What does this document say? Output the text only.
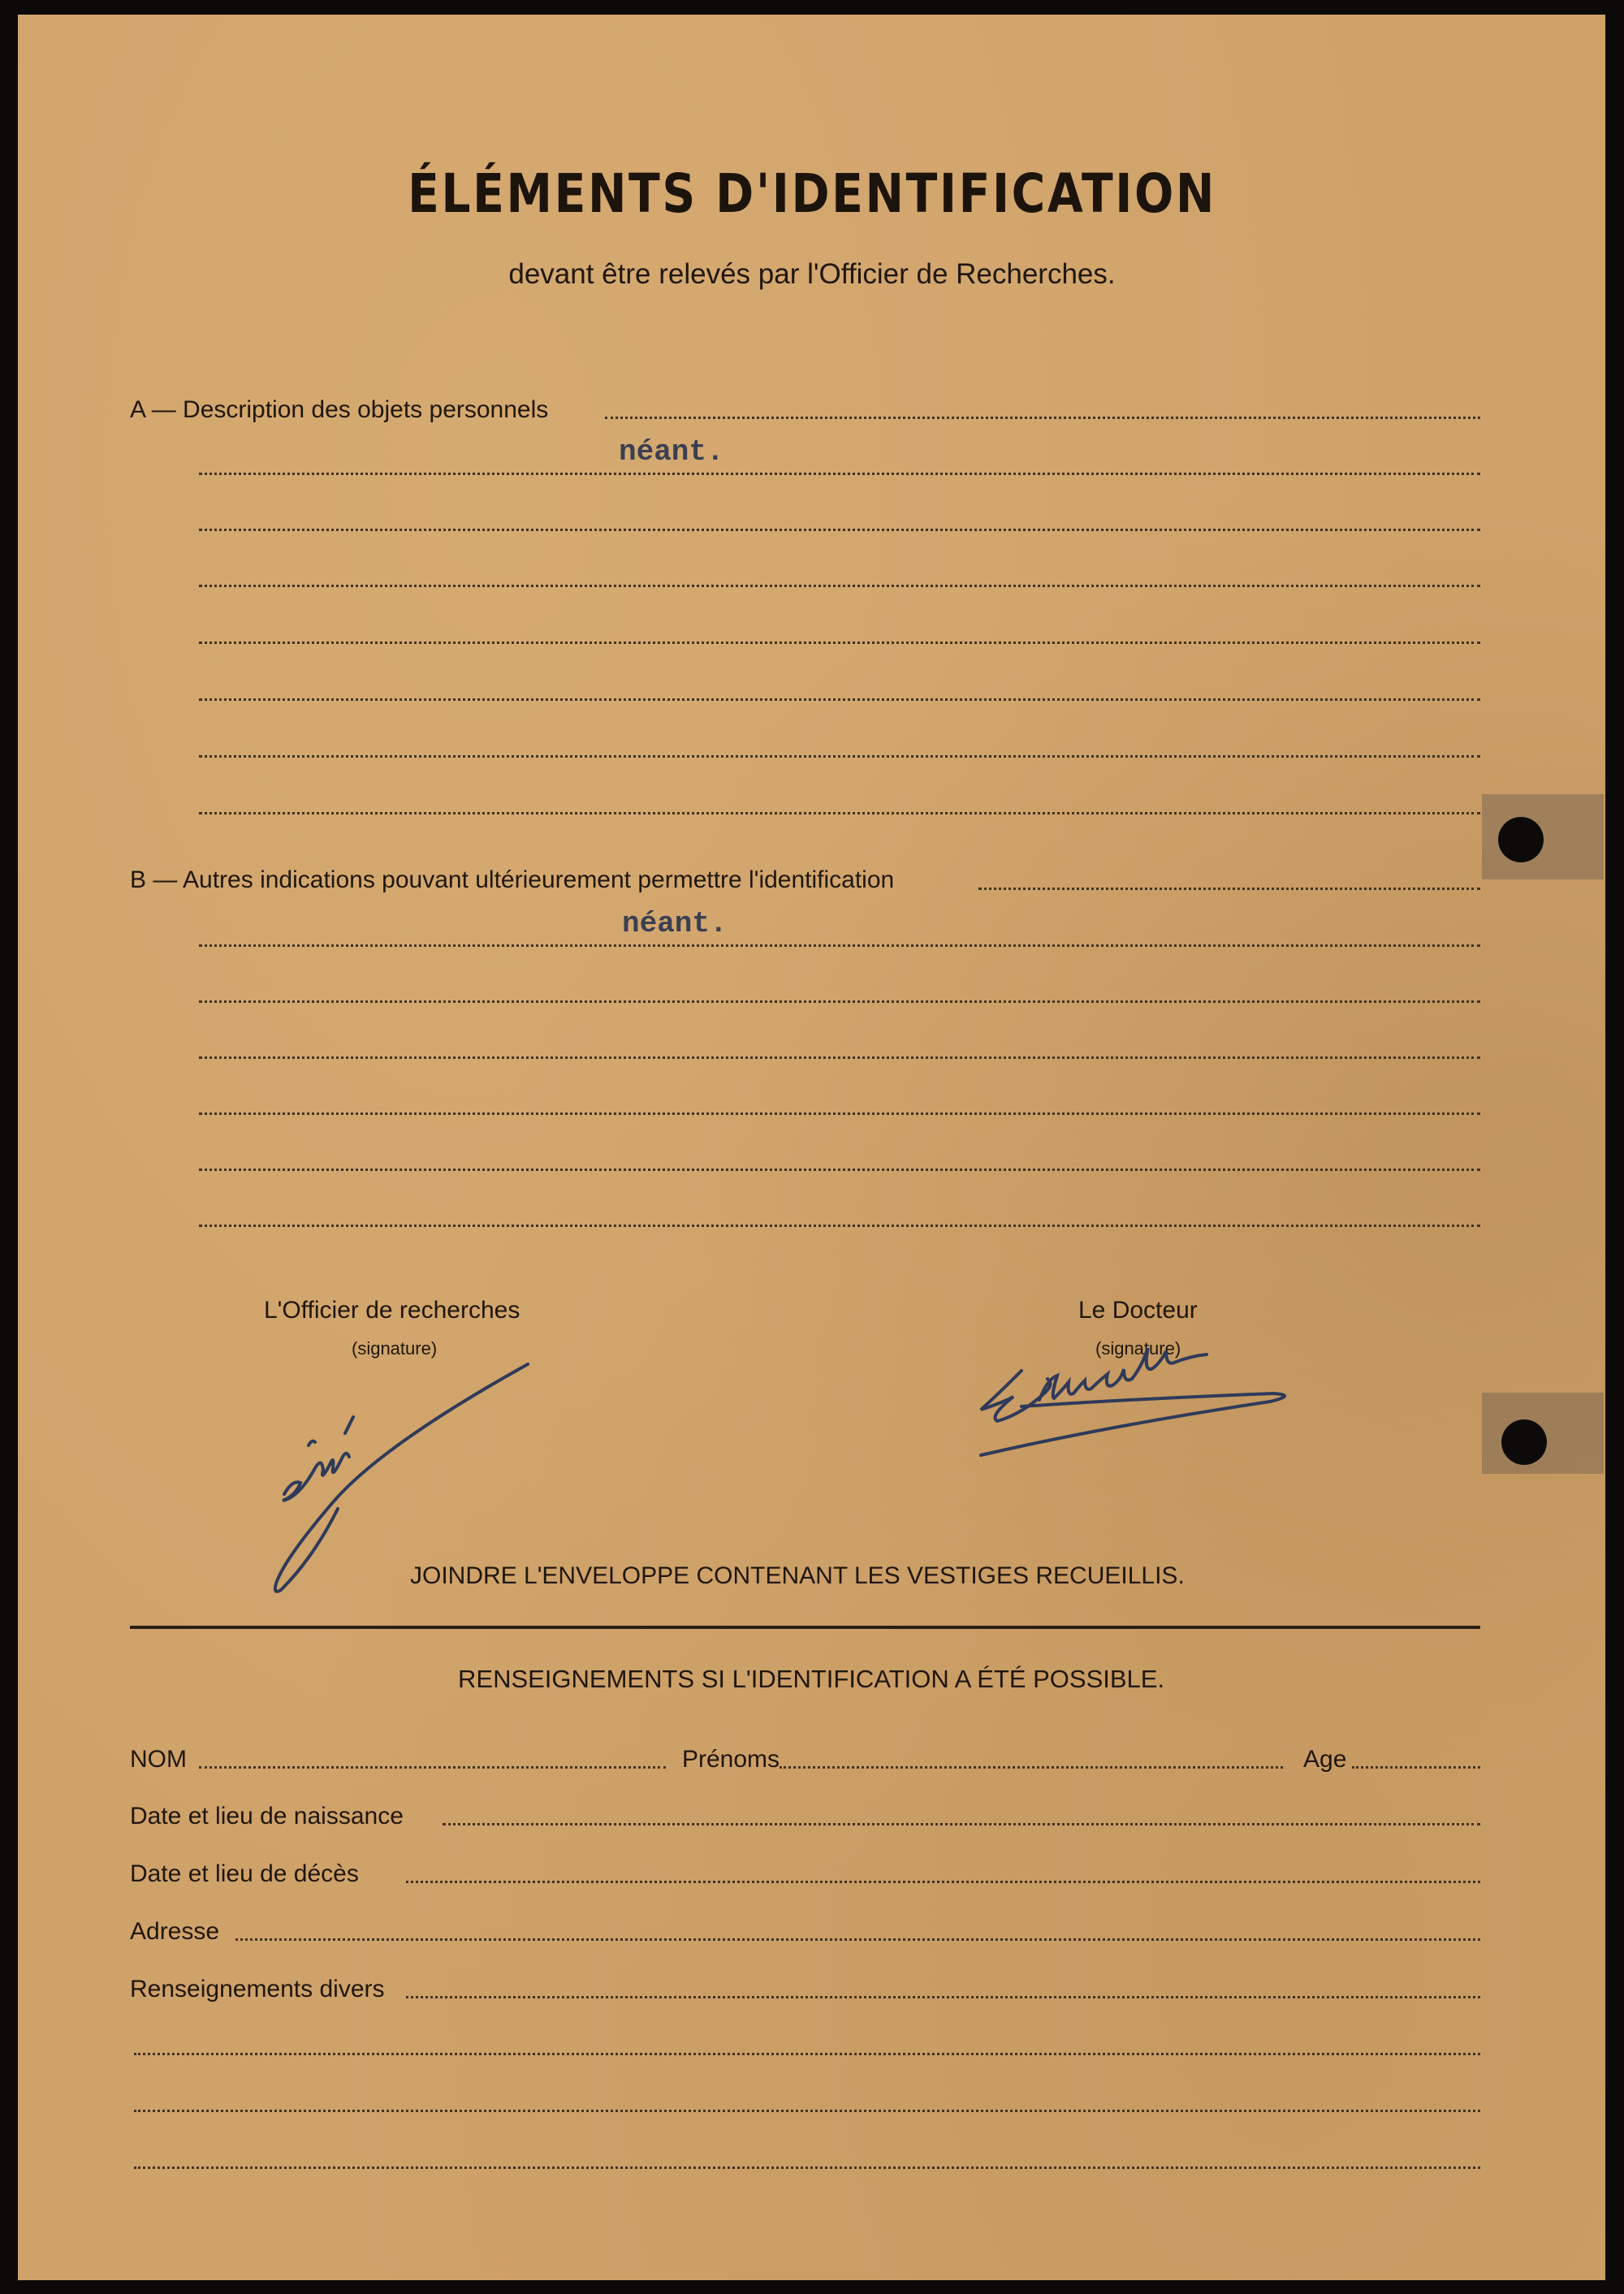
ÉLÉMENTS D'IDENTIFICATION
devant être relevés par l'Officier de Recherches.
A — Description des objets personnels
néant.
B — Autres indications pouvant ultérieurement permettre l'identification
néant.
L'Officier de recherches
(signature)
Le Docteur
(signature)
JOINDRE L'ENVELOPPE CONTENANT LES VESTIGES RECUEILLIS.
RENSEIGNEMENTS SI L'IDENTIFICATION A ÉTÉ POSSIBLE.
NOM	Prénoms	Age
Date et lieu de naissance
Date et lieu de décès
Adresse
Renseignements divers
